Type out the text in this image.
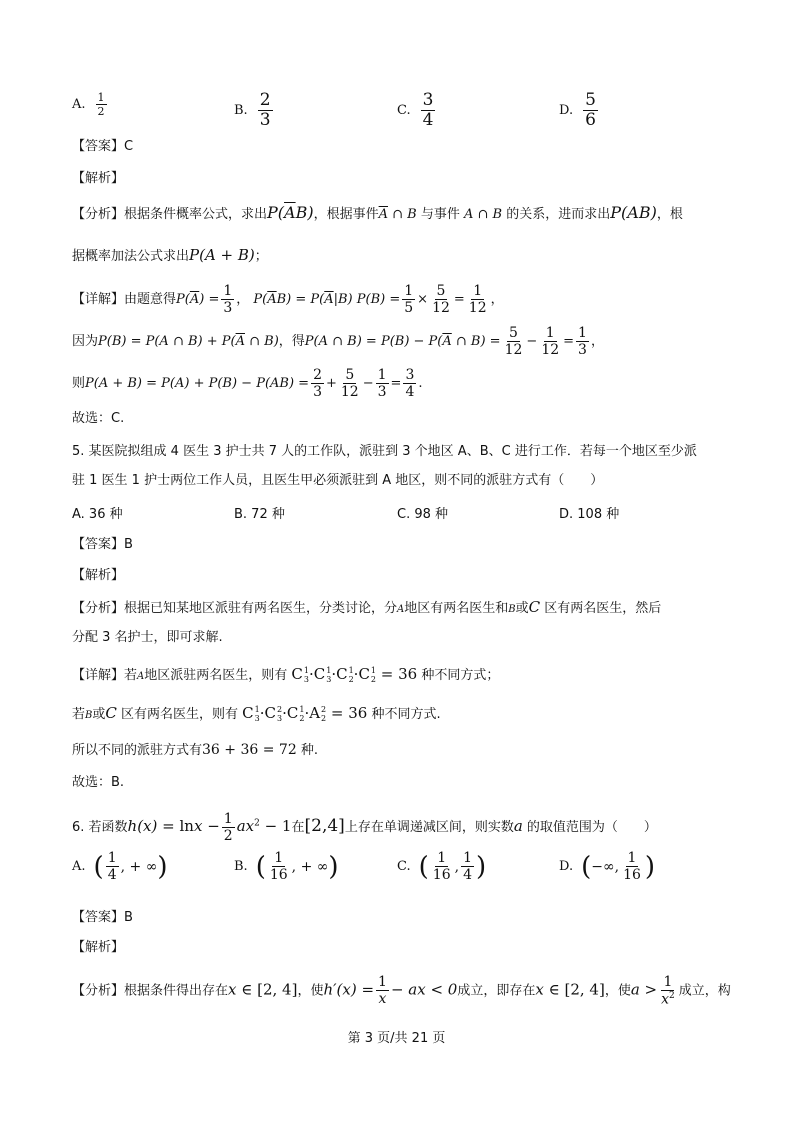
A. $\frac{1}{2}$	B. $\frac{2}{3}$	C. $\frac{3}{4}$	D. $\frac{5}{6}$
【答案】C
【解析】
【分析】根据条件概率公式，求出$P(\overline{A}B)$，根据事件$\overline{A}$ ∩ B 与事件 A ∩ B 的关系，进而求出P(AB)，根
据概率加法公式求出P(A + B)；
【详解】由题意得$P(\overline{A}) = \frac{1}{3}$ ， $P(\overline{A}B) = P(\overline{A}|B) P(B) = \frac{1}{5} \times \frac{5}{12} = \frac{1}{12}$ ，
因为P(B) = P(A ∩ $B) + P(\overline{A}$ ∩ B)，得P(A ∩ $B) = P(B) - P(\overline{A}$ ∩ $B) = \frac{5}{12} - \frac{1}{12} = \frac{1}{3}$ ，
则$P(A + B) = P(A) + P(B) - P(AB) = \frac{2}{3} + \frac{5}{12} - \frac{1}{3} = \frac{3}{4}$ .
故选：C.
5. 某医院拟组成 4 医生 3 护士共 7 人的工作队，派驻到 3 个地区 A、B、C 进行工作．若每一个地区至少派
驻 1 医生 1 护士两位工作人员，且医生甲必须派驻到 A 地区，则不同的派驻方式有（　　）
A. 36 种	B. 72 种	C. 98 种	D. 108 种
【答案】B
【解析】
【分析】根据已知某地区派驻有两名医生，分类讨论，分A地区有两名医生和B或C 区有两名医生，然后
分配 3 名护士，即可求解.
【详解】若A地区派驻两名医生，则有 C 1
3 ·C 1
3 ·C 1
2 ·C 1
2 = 36 种不同方式；
若B或C 区有两名医生，则有 C 1
3 ·C 2
3 ·C 1
2 ·A 2
2 = 36 种不同方式.
所以不同的派驻方式有36 + 36 = 72 种.
故选：B.
6. 若函数$h(x) = \ln x - \frac{1}{2} ax^2 - 1$在[2,4]上存在单调递减区间，则实数a 的取值范围为（　　）
A. ( $\frac{1}{4}$ , + ∞ )	B. ( $\frac{1}{16}$ , + ∞ )	C. ( $\frac{1}{16}$ , $\frac{1}{4}$ )	D. ( −∞, $\frac{1}{16}$ )
【答案】B
【解析】
【分析】根据条件得出存在x ∈ [2, 4]，使$h'(x) = \frac{1}{x}$ − ax < 0成立，即存在x ∈ [2, 4]，使$a > \frac{1}{x^2}$ 成立，构
第 3 页/共 21 页
